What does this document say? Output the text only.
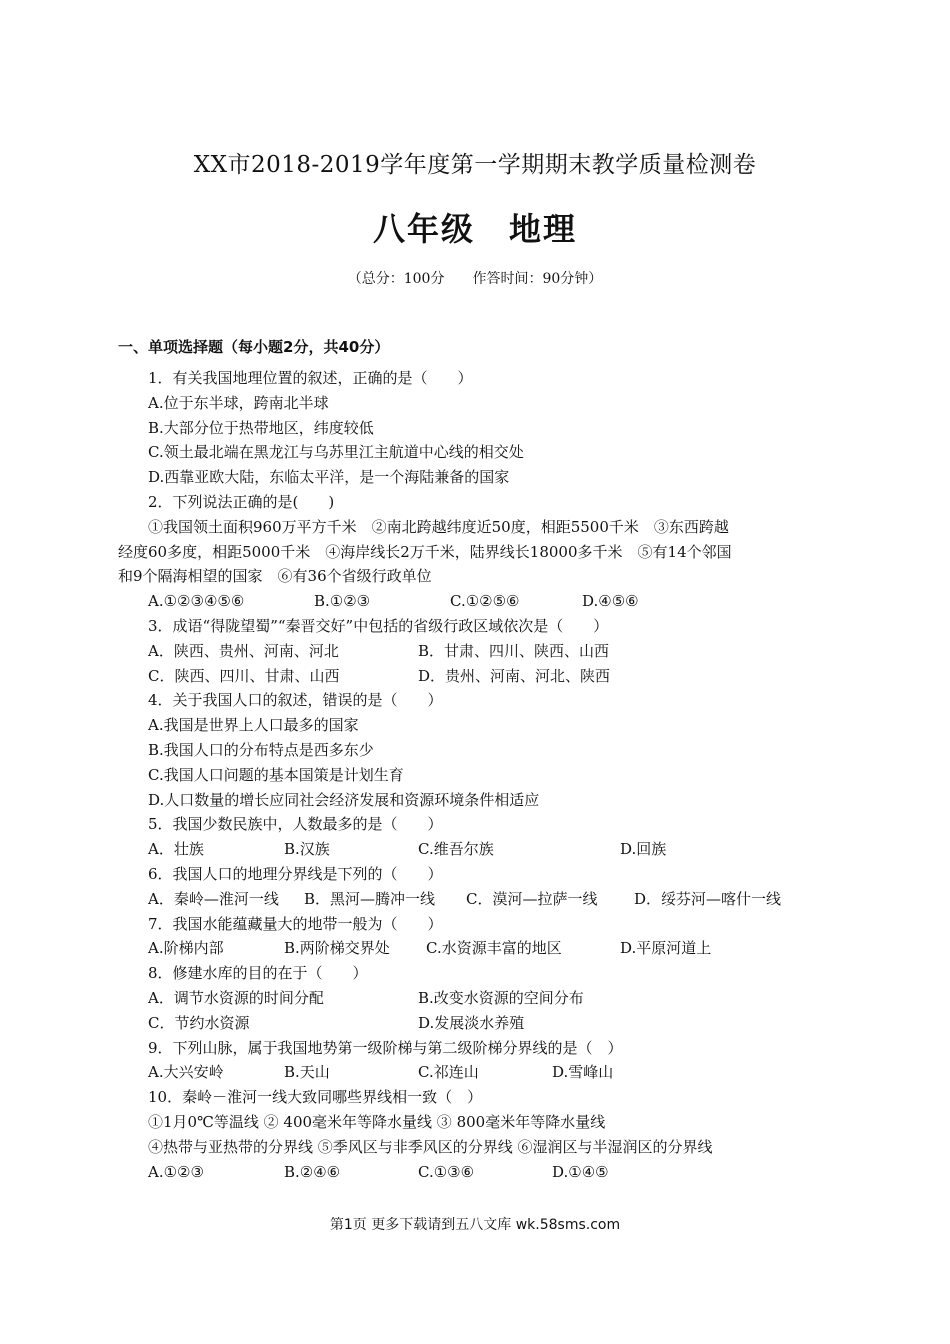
XX市2018-2019学年度第一学期期末教学质量检测卷
八年级　地理
（总分：100分　　作答时间：90分钟）
一、单项选择题（每小题2分，共40分）
1．有关我国地理位置的叙述，正确的是（　　）
A.位于东半球，跨南北半球
B.大部分位于热带地区，纬度较低
C.领土最北端在黑龙江与乌苏里江主航道中心线的相交处
D.西靠亚欧大陆，东临太平洋，是一个海陆兼备的国家
2．下列说法正确的是(　　)
①我国领土面积960万平方千米　②南北跨越纬度近50度，相距5500千米　③东西跨越
经度60多度，相距5000千米　④海岸线长2万千米，陆界线长18000多千米　⑤有14个邻国
和9个隔海相望的国家　⑥有36个省级行政单位
A.①②③④⑤⑥	B.①②③	C.①②⑤⑥	D.④⑤⑥
3．成语“得陇望蜀”“秦晋交好”中包括的省级行政区域依次是（　　）
A．陕西、贵州、河南、河北	B．甘肃、四川、陕西、山西
C．陕西、四川、甘肃、山西	D．贵州、河南、河北、陕西
4．关于我国人口的叙述，错误的是（　　）
A.我国是世界上人口最多的国家
B.我国人口的分布特点是西多东少
C.我国人口问题的基本国策是计划生育
D.人口数量的增长应同社会经济发展和资源环境条件相适应
5．我国少数民族中，人数最多的是（　　）
A．壮族	B.汉族	C.维吾尔族	D.回族
6．我国人口的地理分界线是下列的（　　）
A．秦岭—淮河一线	B．黑河—腾冲一线	C．漠河—拉萨一线	D．绥芬河—喀什一线
7．我国水能蕴藏量大的地带一般为（　　）
A.阶梯内部	B.两阶梯交界处	C.水资源丰富的地区	D.平原河道上
8．修建水库的目的在于（　　）
A．调节水资源的时间分配	B.改变水资源的空间分布
C．节约水资源	D.发展淡水养殖
9．下列山脉，属于我国地势第一级阶梯与第二级阶梯分界线的是（　）
A.大兴安岭	B.天山	C.祁连山	D.雪峰山
10．秦岭－淮河一线大致同哪些界线相一致（　）
①1月0℃等温线 ② 400毫米年等降水量线 ③ 800毫米年等降水量线
④热带与亚热带的分界线 ⑤季风区与非季风区的分界线 ⑥湿润区与半湿润区的分界线
A.①②③	B.②④⑥	C.①③⑥	D.①④⑤
第1页 更多下载请到五八文库 wk.58sms.com
